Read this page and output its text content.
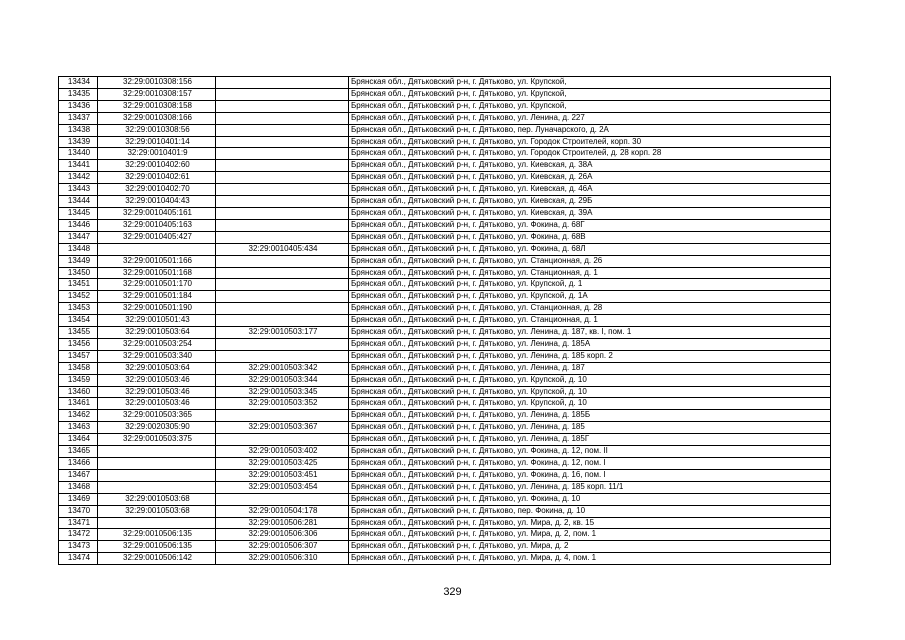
13434	32:29:0010308:156		Брянская обл., Дятьковский р-н, г. Дятьково, ул. Крупской,
13435	32:29:0010308:157		Брянская обл., Дятьковский р-н, г. Дятьково, ул. Крупской,
13436	32:29:0010308:158		Брянская обл., Дятьковский р-н, г. Дятьково, ул. Крупской,
13437	32:29:0010308:166		Брянская обл., Дятьковский р-н, г. Дятьково, ул. Ленина, д. 227
13438	32:29:0010308:56		Брянская обл., Дятьковский р-н, г. Дятьково, пер. Луначарского, д. 2А
13439	32:29:0010401:14		Брянская обл., Дятьковский р-н, г. Дятьково, ул. Городок Строителей, корп. 30
13440	32:29:0010401:9		Брянская обл., Дятьковский р-н, г. Дятьково, ул. Городок Строителей, д. 28 корп. 28
13441	32:29:0010402:60		Брянская обл., Дятьковский р-н, г. Дятьково, ул. Киевская, д. 38А
13442	32:29:0010402:61		Брянская обл., Дятьковский р-н, г. Дятьково, ул. Киевская, д. 26А
13443	32:29:0010402:70		Брянская обл., Дятьковский р-н, г. Дятьково, ул. Киевская, д. 46А
13444	32:29:0010404:43		Брянская обл., Дятьковский р-н, г. Дятьково, ул. Киевская, д. 29Б
13445	32:29:0010405:161		Брянская обл., Дятьковский р-н, г. Дятьково, ул. Киевская, д. 39А
13446	32:29:0010405:163		Брянская обл., Дятьковский р-н, г. Дятьково, ул. Фокина, д. 68Г
13447	32:29:0010405:427		Брянская обл., Дятьковский р-н, г. Дятьково, ул. Фокина, д. 68В
13448		32:29:0010405:434	Брянская обл., Дятьковский р-н, г. Дятьково, ул. Фокина, д. 68Л
13449	32:29:0010501:166		Брянская обл., Дятьковский р-н, г. Дятьково, ул. Станционная, д. 26
13450	32:29:0010501:168		Брянская обл., Дятьковский р-н, г. Дятьково, ул. Станционная, д. 1
13451	32:29:0010501:170		Брянская обл., Дятьковский р-н, г. Дятьково, ул. Крупской, д. 1
13452	32:29:0010501:184		Брянская обл., Дятьковский р-н, г. Дятьково, ул. Крупской, д. 1А
13453	32:29:0010501:190		Брянская обл., Дятьковский р-н, г. Дятьково, ул. Станционная, д. 28
13454	32:29:0010501:43		Брянская обл., Дятьковский р-н, г. Дятьково, ул. Станционная, д. 1
13455	32:29:0010503:64	32:29:0010503:177	Брянская обл., Дятьковский р-н, г. Дятьково, ул. Ленина, д. 187, кв. I, пом. 1
13456	32:29:0010503:254		Брянская обл., Дятьковский р-н, г. Дятьково, ул. Ленина, д. 185А
13457	32:29:0010503:340		Брянская обл., Дятьковский р-н, г. Дятьково, ул. Ленина, д. 185 корп. 2
13458	32:29:0010503:64	32:29:0010503:342	Брянская обл., Дятьковский р-н, г. Дятьково, ул. Ленина, д. 187
13459	32:29:0010503:46	32:29:0010503:344	Брянская обл., Дятьковский р-н, г. Дятьково, ул. Крупской, д. 10
13460	32:29:0010503:46	32:29:0010503:345	Брянская обл., Дятьковский р-н, г. Дятьково, ул. Крупской, д. 10
13461	32:29:0010503:46	32:29:0010503:352	Брянская обл., Дятьковский р-н, г. Дятьково, ул. Крупской, д. 10
13462	32:29:0010503:365		Брянская обл., Дятьковский р-н, г. Дятьково, ул. Ленина, д. 185Б
13463	32:29:0020305:90	32:29:0010503:367	Брянская обл., Дятьковский р-н, г. Дятьково, ул. Ленина, д. 185
13464	32:29:0010503:375		Брянская обл., Дятьковский р-н, г. Дятьково, ул. Ленина, д. 185Г
13465		32:29:0010503:402	Брянская обл., Дятьковский р-н, г. Дятьково, ул. Фокина, д. 12, пом. II
13466		32:29:0010503:425	Брянская обл., Дятьковский р-н, г. Дятьково, ул. Фокина, д. 12, пом. I
13467		32:29:0010503:451	Брянская обл., Дятьковский р-н, г. Дятьково, ул. Фокина, д. 16, пом. I
13468		32:29:0010503:454	Брянская обл., Дятьковский р-н, г. Дятьково, ул. Ленина, д. 185 корп. 11/1
13469	32:29:0010503:68		Брянская обл., Дятьковский р-н, г. Дятьково, ул. Фокина, д. 10
13470	32:29:0010503:68	32:29:0010504:178	Брянская обл., Дятьковский р-н, г. Дятьково, пер. Фокина, д. 10
13471		32:29:0010506:281	Брянская обл., Дятьковский р-н, г. Дятьково, ул. Мира, д. 2, кв. 15
13472	32:29:0010506:135	32:29:0010506:306	Брянская обл., Дятьковский р-н, г. Дятьково, ул. Мира, д. 2, пом. 1
13473	32:29:0010506:135	32:29:0010506:307	Брянская обл., Дятьковский р-н, г. Дятьково, ул. Мира, д. 2
13474	32:29:0010506:142	32:29:0010506:310	Брянская обл., Дятьковский р-н, г. Дятьково, ул. Мира, д. 4, пом. 1
329
